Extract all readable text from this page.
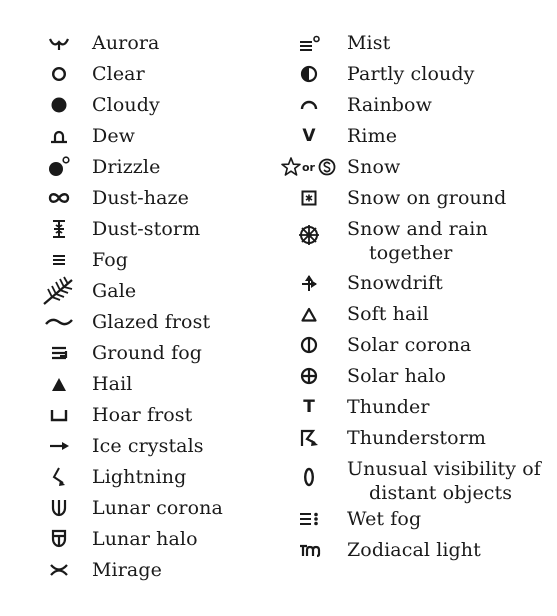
Aurora
Clear
Cloudy
Dew
Drizzle
Dust-haze
Dust-storm
Fog
Gale
Glazed frost
Ground fog
Hail
Hoar frost
Ice crystals
Lightning
Lunar corona
Lunar halo
Mirage
Mist
Partly cloudy
Rainbow
V	Rime
or Snow
Snow on ground
Snow and rain
together
Snowdrift
Soft hail
Solar corona
Solar halo
T	Thunder
Thunderstorm
Unusual visibility of
distant objects
Wet fog
Zodiacal light
